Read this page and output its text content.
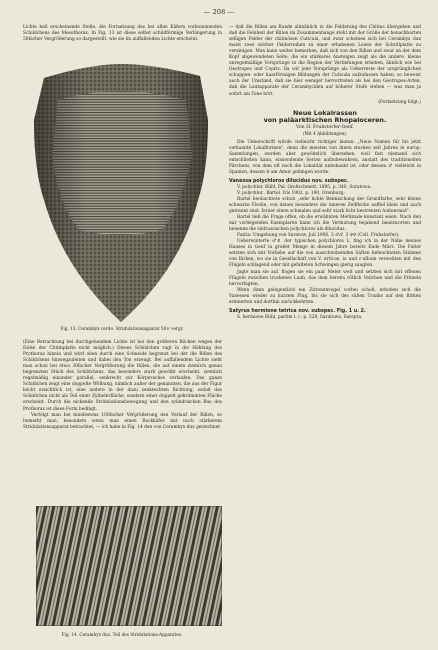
— 208 —

Lichte hell erscheinende Stelle, die Fortsetzung des bei allen Käfern vorkommenden Schildchens des Mesothorax. In Fig. 13 ist diese selbst schildförmige Verlängerung in 50facher Vergrößerung so dargestellt, wie sie im auffallenden Lichte erscheint.

Fig. 13. Cerambyx cerdo. Stridulationsapparat 50× vergr.

(Eine Betrachtung bei durchgehendem Lichte ist bei den größeren Böcken wegen der Dicke der Chitinplatte nicht möglich.) Dieses Schildchen ragt in die Höhlung des Prothorax hinein und wird oben durch eine Schneide begrenzt bei der die Rillen des Schildchens hinwegzuleiten und dabei den Ton erzeugt. Bei auffallendem Lichte sieht man schon bei etwa 30facher Vergrößerung die Rillen, die auf einem ziemlich genau begrenzten Stück des Schildchens, das besonders stark gewölbt erscheint, ziemlich regelmäßig einander parallel, senkrecht zur Körperachse verlaufen. Das ganze Schildchen zeigt eine doppelte Wölbung, nämlich außer der genannten, die aus der Figur leicht ersichtlich ist, eine andere in der dazu senkrechten Richtung, sodaß das Schildchen nicht als Teil einer Zylinderfläche, sondern einer doppelt gekrümmten Fläche erscheint. Durch die nickende Stridulationsbewegung und den zylindrischen Bau des Prothorax ist diese Form bedingt.

Verfolgt man bei mindestens 100facher Vergrößerung den Verlauf der Rillen, so bemerkt man, besonders wenn man einen Bockkäfer mit noch stärkerem Stridulationsapparat betrachtet, — ich habe in Fig. 14 den von Cerambyx dux gezeichnet

Fig. 14. Cerambyx dux. Teil des Stridulations-Apparates.

— daß die Rillen am Rande allmählich in die Felderung des Chitins übergehen und daß die Feinheit der Rillen im Zusammenhange steht mit der Größe der benachbarten zelligen Felder der chitinösen Cuticula, und zwar scheinen sich bei Cerambyx dux meist zwei solcher Felderreihen zu einer erhabenen Leiste der Schrillplatte zu vereinigen. Man kann weiter bemerken, daß sich von den Rillen und zwar an der dem Kopf abgewendeten Seite, die ein stärkeres Ansteigen zeigt als die andere, kleine unregelmäßige Vorsprünge in die Region der Vertiefungen erheben, ähnlich wie bei Geotrupes und Copris. Da wir jene Vorsprünge als Ueberreste der ursprünglichen schuppen- oder haarförmigen Bildungen der Cuticula aufzufassen haben, so beweist auch der Umstand, daß sie hier weniger hervortreten als bei den Geotrupes-Arten, daß die Lautapparate der Cerambyciden auf höherer Stufe stehen — was man ja sofort am Tone hört.

(Fortsetzung folgt.)

Neue Lokalrassen

von paläarktischen Rhopaloceren.

Von H. Fruhstorfer-Genf.

(Mit 4 Abbildungen).

Die Ueberschrift würde vielleicht richtiger lauten: „Neue Namen für bis jetzt verkannte Lokalformen", denn die meisten von ihnen stecken seit Jahren in europ. Sammlungen, werden aber gewöhnlich übersehen, weil fast niemand sich entschließen kann, einsendende Serien aufzubewahren, anstatt des traditionellen Pärchens, von dem oft noch die Lokalität unbekannt ist, oder dessen ♂ vielleicht in Spanien, dessen ♀ am Amur gefangen wurde.

Vanessa polychloros dilucidus nov. subspec.

V. polychlor. Rühl, Pal. Großschmett. 1895, p. 340, Saratowa.

V. polychlor., Bartel. Iris 1902, p. 190, Orenburg.

Bartel beobachtete schon „sehr lichte Beimischung der Grundfarbe, sehr kleine schwarze Flecke, von denen besonders die inneren Zellflecke auffiel klein und auch getrennt sind, ferner einen schmalen und sehr stark licht bestreuten Außenrand".

Bartel ließ die Frage offen, ob die erwähnten Merkmale konstant seien. Nach den mir vorliegenden Exemplaren kann ich die Vermutung bejahend beantworten und benenne die südrussischen polychloros als dilucidus.

Patria: Umgebung von Saratow, Juli 1906. 3 ♂♂, 3 ♀♀ (Coll. Fruhstorfer).

Ueberwinterte ♂♀ der typischen polychloros L. fing ich in der Nähe meines Hauses in Genf in großer Menge in diesem Jahre bereits Ende März. Die Falter setzten sich mit Vorliebe auf die von ausschwitzenden Säften befeuchteten Stämme von Birken, wo sie in Gesellschaft von V. urticae, io und c-album verweilten mit den Flügeln schlagend oder mit gefalteten Schwingen gierig saugten.

Jagte man sie auf, flogen sie ein paar Meter weit und setzten sich mit offenen Flügeln zwischen trockenes Laub, das dem bereits rötlich Veilchen und die Primeln hervorlugten.

Wenn dann gelegentlich ein Zitronenvogel vorbei schoß, erhoben sich die Vanessen wieder zu kurzem Flug, bis sie sich des süßen Trunks auf den Birken erinnerten und dorthin zurückkehrten.

Satyrus hermione tetrica nov. subspec. Fig. 1 u. 2.

S. hermione Rühl, partim l. c. p. 528, Saratowa, Sarepta.
